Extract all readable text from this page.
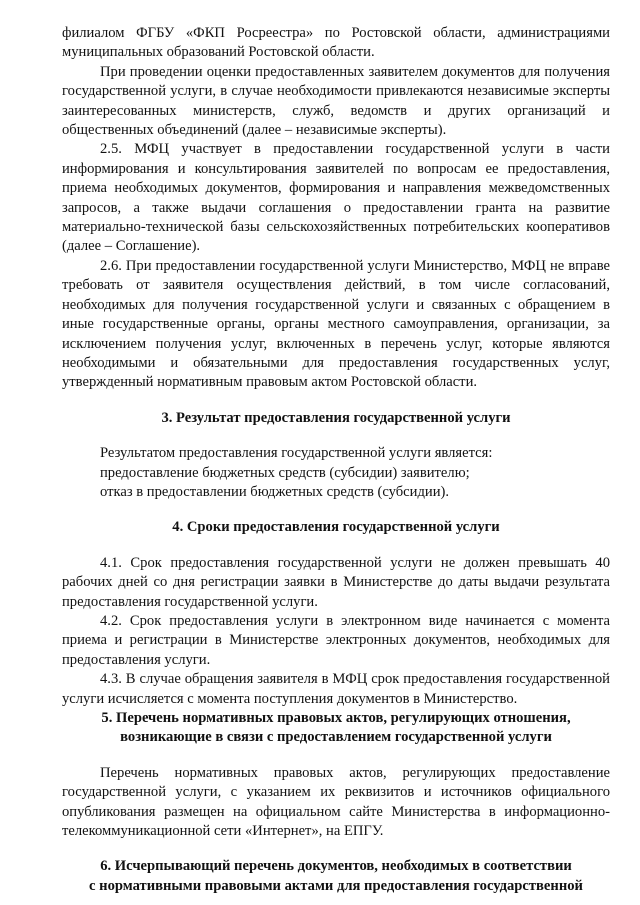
филиалом ФГБУ «ФКП Росреестра» по Ростовской области, администрациями муниципальных образований Ростовской области.

При проведении оценки предоставленных заявителем документов для получения государственной услуги, в случае необходимости привлекаются независимые эксперты заинтересованных министерств, служб, ведомств и других организаций и общественных объединений (далее – независимые эксперты).

2.5. МФЦ участвует в предоставлении государственной услуги в части информирования и консультирования заявителей по вопросам ее предоставления, приема необходимых документов, формирования и направления межведомственных запросов, а также выдачи соглашения о предоставлении гранта на развитие материально-технической базы сельскохозяйственных потребительских кооперативов (далее – Соглашение).

2.6. При предоставлении государственной услуги Министерство, МФЦ не вправе требовать от заявителя осуществления действий, в том числе согласований, необходимых для получения государственной услуги и связанных с обращением в иные государственные органы, органы местного самоуправления, организации, за исключением получения услуг, включенных в перечень услуг, которые являются необходимыми и обязательными для предоставления государственных услуг, утвержденный нормативным правовым актом Ростовской области.

3. Результат предоставления государственной услуги

Результатом предоставления государственной услуги является:

предоставление бюджетных средств (субсидии) заявителю;

отказ в предоставлении бюджетных средств (субсидии).

4. Сроки предоставления государственной услуги

4.1. Срок предоставления государственной услуги не должен превышать 40 рабочих дней со дня регистрации заявки в Министерстве до даты выдачи результата предоставления государственной услуги.

4.2. Срок предоставления услуги в электронном виде начинается с момента приема и регистрации в Министерстве электронных документов, необходимых для предоставления услуги.

4.3. В случае обращения заявителя в МФЦ срок предоставления государственной услуги исчисляется с момента поступления документов в Министерство.

5. Перечень нормативных правовых актов, регулирующих отношения,

возникающие в связи с предоставлением государственной услуги

Перечень нормативных правовых актов, регулирующих предоставление государственной услуги, с указанием их реквизитов и источников официального опубликования размещен на официальном сайте Министерства в информационно-телекоммуникационной сети «Интернет», на ЕПГУ.

6. Исчерпывающий перечень документов, необходимых в соответствии

с нормативными правовыми актами для предоставления государственной
